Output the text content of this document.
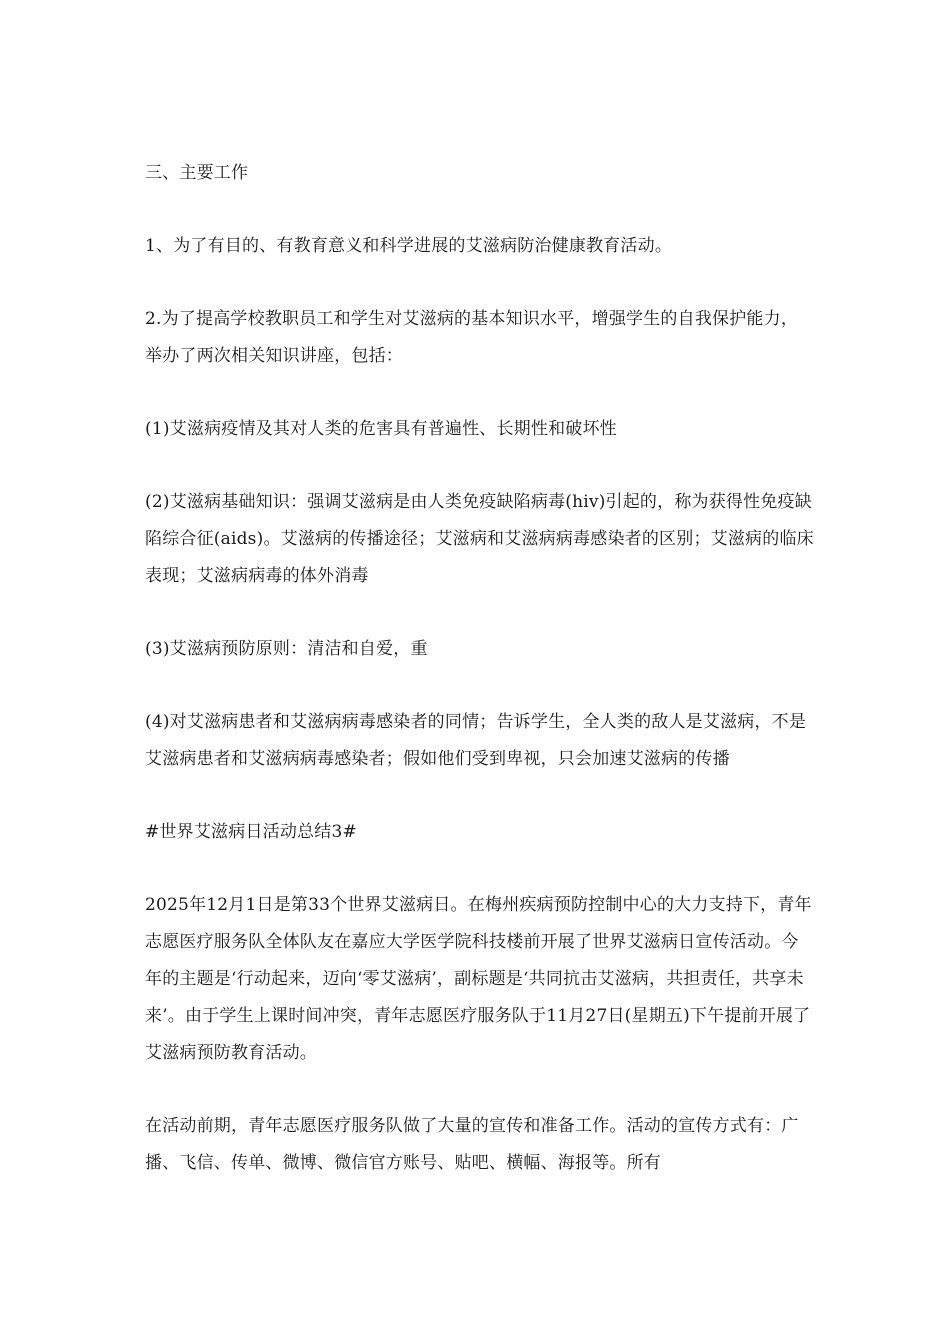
三、主要工作

1、为了有目的、有教育意义和科学进展的艾滋病防治健康教育活动。

2.为了提高学校教职员工和学生对艾滋病的基本知识水平，增强学生的自我保护能力，举办了两次相关知识讲座，包括：

(1)艾滋病疫情及其对人类的危害具有普遍性、长期性和破坏性

(2)艾滋病基础知识：强调艾滋病是由人类免疫缺陷病毒(hiv)引起的，称为获得性免疫缺陷综合征(aids)。艾滋病的传播途径；艾滋病和艾滋病病毒感染者的区别；艾滋病的临床表现；艾滋病病毒的体外消毒

(3)艾滋病预防原则：清洁和自爱，重

(4)对艾滋病患者和艾滋病病毒感染者的同情；告诉学生，全人类的敌人是艾滋病，不是艾滋病患者和艾滋病病毒感染者；假如他们受到卑视，只会加速艾滋病的传播

#世界艾滋病日活动总结3#

2025年12月1日是第33个世界艾滋病日。在梅州疾病预防控制中心的大力支持下，青年志愿医疗服务队全体队友在嘉应大学医学院科技楼前开展了世界艾滋病日宣传活动。今年的主题是‘行动起来，迈向‘零艾滋病’，副标题是‘共同抗击艾滋病，共担责任，共享未来’。由于学生上课时间冲突，青年志愿医疗服务队于11月27日(星期五)下午提前开展了艾滋病预防教育活动。

在活动前期，青年志愿医疗服务队做了大量的宣传和准备工作。活动的宣传方式有：广播、飞信、传单、微博、微信官方账号、贴吧、横幅、海报等。所有
